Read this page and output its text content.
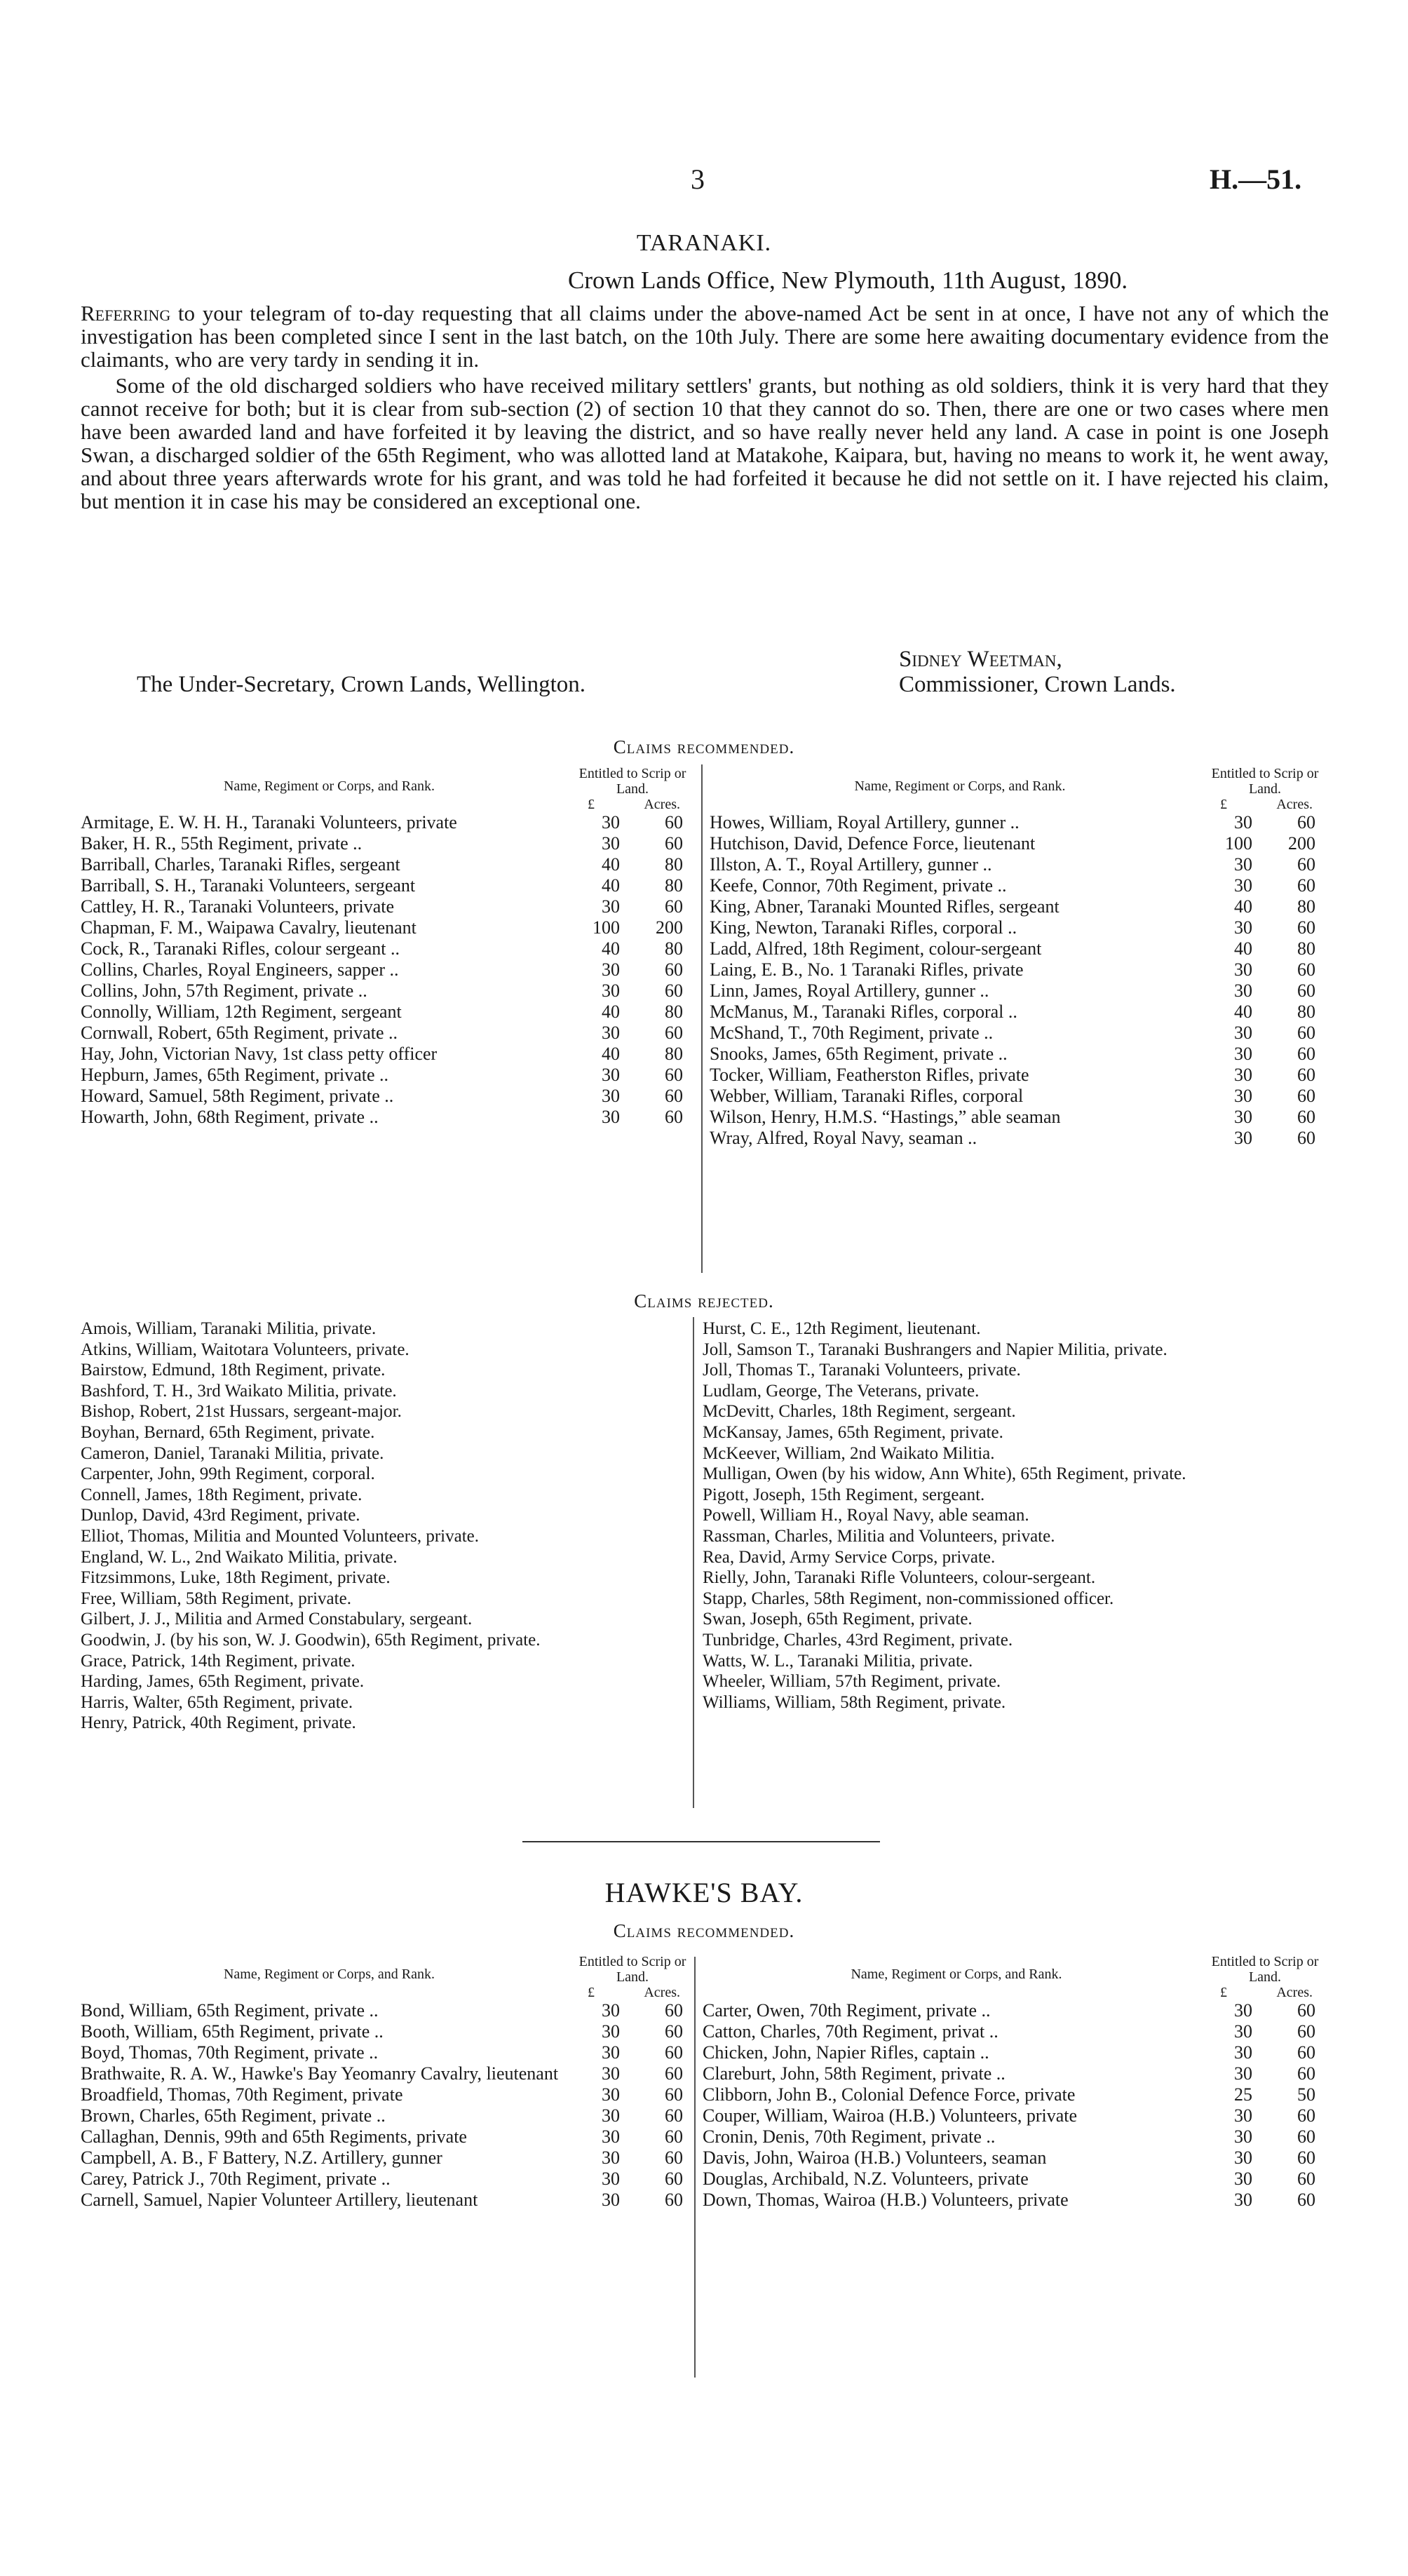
3	H.—51.
TARANAKI.
Crown Lands Office, New Plymouth, 11th August, 1890.

Referring to your telegram of to-day requesting that all claims under the above-named Act be sent in at once, I have not any of which the investigation has been completed since I sent in the last batch, on the 10th July. There are some here awaiting documentary evidence from the claimants, who are very tardy in sending it in.

Some of the old discharged soldiers who have received military settlers' grants, but nothing as old soldiers, think it is very hard that they cannot receive for both; but it is clear from sub-section (2) of section 10 that they cannot do so. Then, there are one or two cases where men have been awarded land and have forfeited it by leaving the district, and so have really never held any land. A case in point is one Joseph Swan, a discharged soldier of the 65th Regiment, who was allotted land at Matakohe, Kaipara, but, having no means to work it, he went away, and about three years afterwards wrote for his grant, and was told he had forfeited it because he did not settle on it. I have rejected his claim, but mention it in case his may be considered an exceptional one.

Sidney Weetman,
The Under-Secretary, Crown Lands, Wellington.	Commissioner, Crown Lands.
Claims recommended.
Name, Regiment or Corps, and Rank.
Entitled to Scrip or Land.
£	Acres.
Armitage, E. W. H. H., Taranaki Volunteers, private	30	60
Baker, H. R., 55th Regiment, private ..	30	60
Barriball, Charles, Taranaki Rifles, sergeant	40	80
Barriball, S. H., Taranaki Volunteers, sergeant	40	80
Cattley, H. R., Taranaki Volunteers, private	30	60
Chapman, F. M., Waipawa Cavalry, lieutenant	100	200
Cock, R., Taranaki Rifles, colour sergeant ..	40	80
Collins, Charles, Royal Engineers, sapper ..	30	60
Collins, John, 57th Regiment, private ..	30	60
Connolly, William, 12th Regiment, sergeant	40	80
Cornwall, Robert, 65th Regiment, private ..	30	60
Hay, John, Victorian Navy, 1st class petty officer	40	80
Hepburn, James, 65th Regiment, private ..	30	60
Howard, Samuel, 58th Regiment, private ..	30	60
Howarth, John, 68th Regiment, private ..	30	60
Name, Regiment or Corps, and Rank.
Entitled to Scrip or Land.
£	Acres.
Howes, William, Royal Artillery, gunner ..	30	60
Hutchison, David, Defence Force, lieutenant	100	200
Illston, A. T., Royal Artillery, gunner ..	30	60
Keefe, Connor, 70th Regiment, private ..	30	60
King, Abner, Taranaki Mounted Rifles, sergeant	40	80
King, Newton, Taranaki Rifles, corporal ..	30	60
Ladd, Alfred, 18th Regiment, colour-sergeant	40	80
Laing, E. B., No. 1 Taranaki Rifles, private	30	60
Linn, James, Royal Artillery, gunner ..	30	60
McManus, M., Taranaki Rifles, corporal ..	40	80
McShand, T., 70th Regiment, private ..	30	60
Snooks, James, 65th Regiment, private ..	30	60
Tocker, William, Featherston Rifles, private	30	60
Webber, William, Taranaki Rifles, corporal	30	60
Wilson, Henry, H.M.S. “Hastings,” able seaman	30	60
Wray, Alfred, Royal Navy, seaman ..	30	60
Claims rejected.
Amois, William, Taranaki Militia, private.
Atkins, William, Waitotara Volunteers, private.
Bairstow, Edmund, 18th Regiment, private.
Bashford, T. H., 3rd Waikato Militia, private.
Bishop, Robert, 21st Hussars, sergeant-major.
Boyhan, Bernard, 65th Regiment, private.
Cameron, Daniel, Taranaki Militia, private.
Carpenter, John, 99th Regiment, corporal.
Connell, James, 18th Regiment, private.
Dunlop, David, 43rd Regiment, private.
Elliot, Thomas, Militia and Mounted Volunteers, private.
England, W. L., 2nd Waikato Militia, private.
Fitzsimmons, Luke, 18th Regiment, private.
Free, William, 58th Regiment, private.
Gilbert, J. J., Militia and Armed Constabulary, sergeant.
Goodwin, J. (by his son, W. J. Goodwin), 65th Regiment, private.
Grace, Patrick, 14th Regiment, private.
Harding, James, 65th Regiment, private.
Harris, Walter, 65th Regiment, private.
Henry, Patrick, 40th Regiment, private.
Hurst, C. E., 12th Regiment, lieutenant.
Joll, Samson T., Taranaki Bushrangers and Napier Militia, private.
Joll, Thomas T., Taranaki Volunteers, private.
Ludlam, George, The Veterans, private.
McDevitt, Charles, 18th Regiment, sergeant.
McKansay, James, 65th Regiment, private.
McKeever, William, 2nd Waikato Militia.
Mulligan, Owen (by his widow, Ann White), 65th Regiment, private.
Pigott, Joseph, 15th Regiment, sergeant.
Powell, William H., Royal Navy, able seaman.
Rassman, Charles, Militia and Volunteers, private.
Rea, David, Army Service Corps, private.
Rielly, John, Taranaki Rifle Volunteers, colour-sergeant.
Stapp, Charles, 58th Regiment, non-commissioned officer.
Swan, Joseph, 65th Regiment, private.
Tunbridge, Charles, 43rd Regiment, private.
Watts, W. L., Taranaki Militia, private.
Wheeler, William, 57th Regiment, private.
Williams, William, 58th Regiment, private.
HAWKE'S BAY.
Claims recommended.
Name, Regiment or Corps, and Rank.
Entitled to Scrip or Land.
£	Acres.
Bond, William, 65th Regiment, private ..	30	60
Booth, William, 65th Regiment, private ..	30	60
Boyd, Thomas, 70th Regiment, private ..	30	60
Brathwaite, R. A. W., Hawke's Bay Yeomanry Cavalry, lieutenant	30	60
Broadfield, Thomas, 70th Regiment, private	30	60
Brown, Charles, 65th Regiment, private ..	30	60
Callaghan, Dennis, 99th and 65th Regiments, private	30	60
Campbell, A. B., F Battery, N.Z. Artillery, gunner	30	60
Carey, Patrick J., 70th Regiment, private ..	30	60
Carnell, Samuel, Napier Volunteer Artillery, lieutenant	30	60
Name, Regiment or Corps, and Rank.
Entitled to Scrip or Land.
£	Acres.
Carter, Owen, 70th Regiment, private ..	30	60
Catton, Charles, 70th Regiment, privat ..	30	60
Chicken, John, Napier Rifles, captain ..	30	60
Clareburt, John, 58th Regiment, private ..	30	60
Clibborn, John B., Colonial Defence Force, private	25	50
Couper, William, Wairoa (H.B.) Volunteers, private	30	60
Cronin, Denis, 70th Regiment, private ..	30	60
Davis, John, Wairoa (H.B.) Volunteers, seaman	30	60
Douglas, Archibald, N.Z. Volunteers, private	30	60
Down, Thomas, Wairoa (H.B.) Volunteers, private	30	60
